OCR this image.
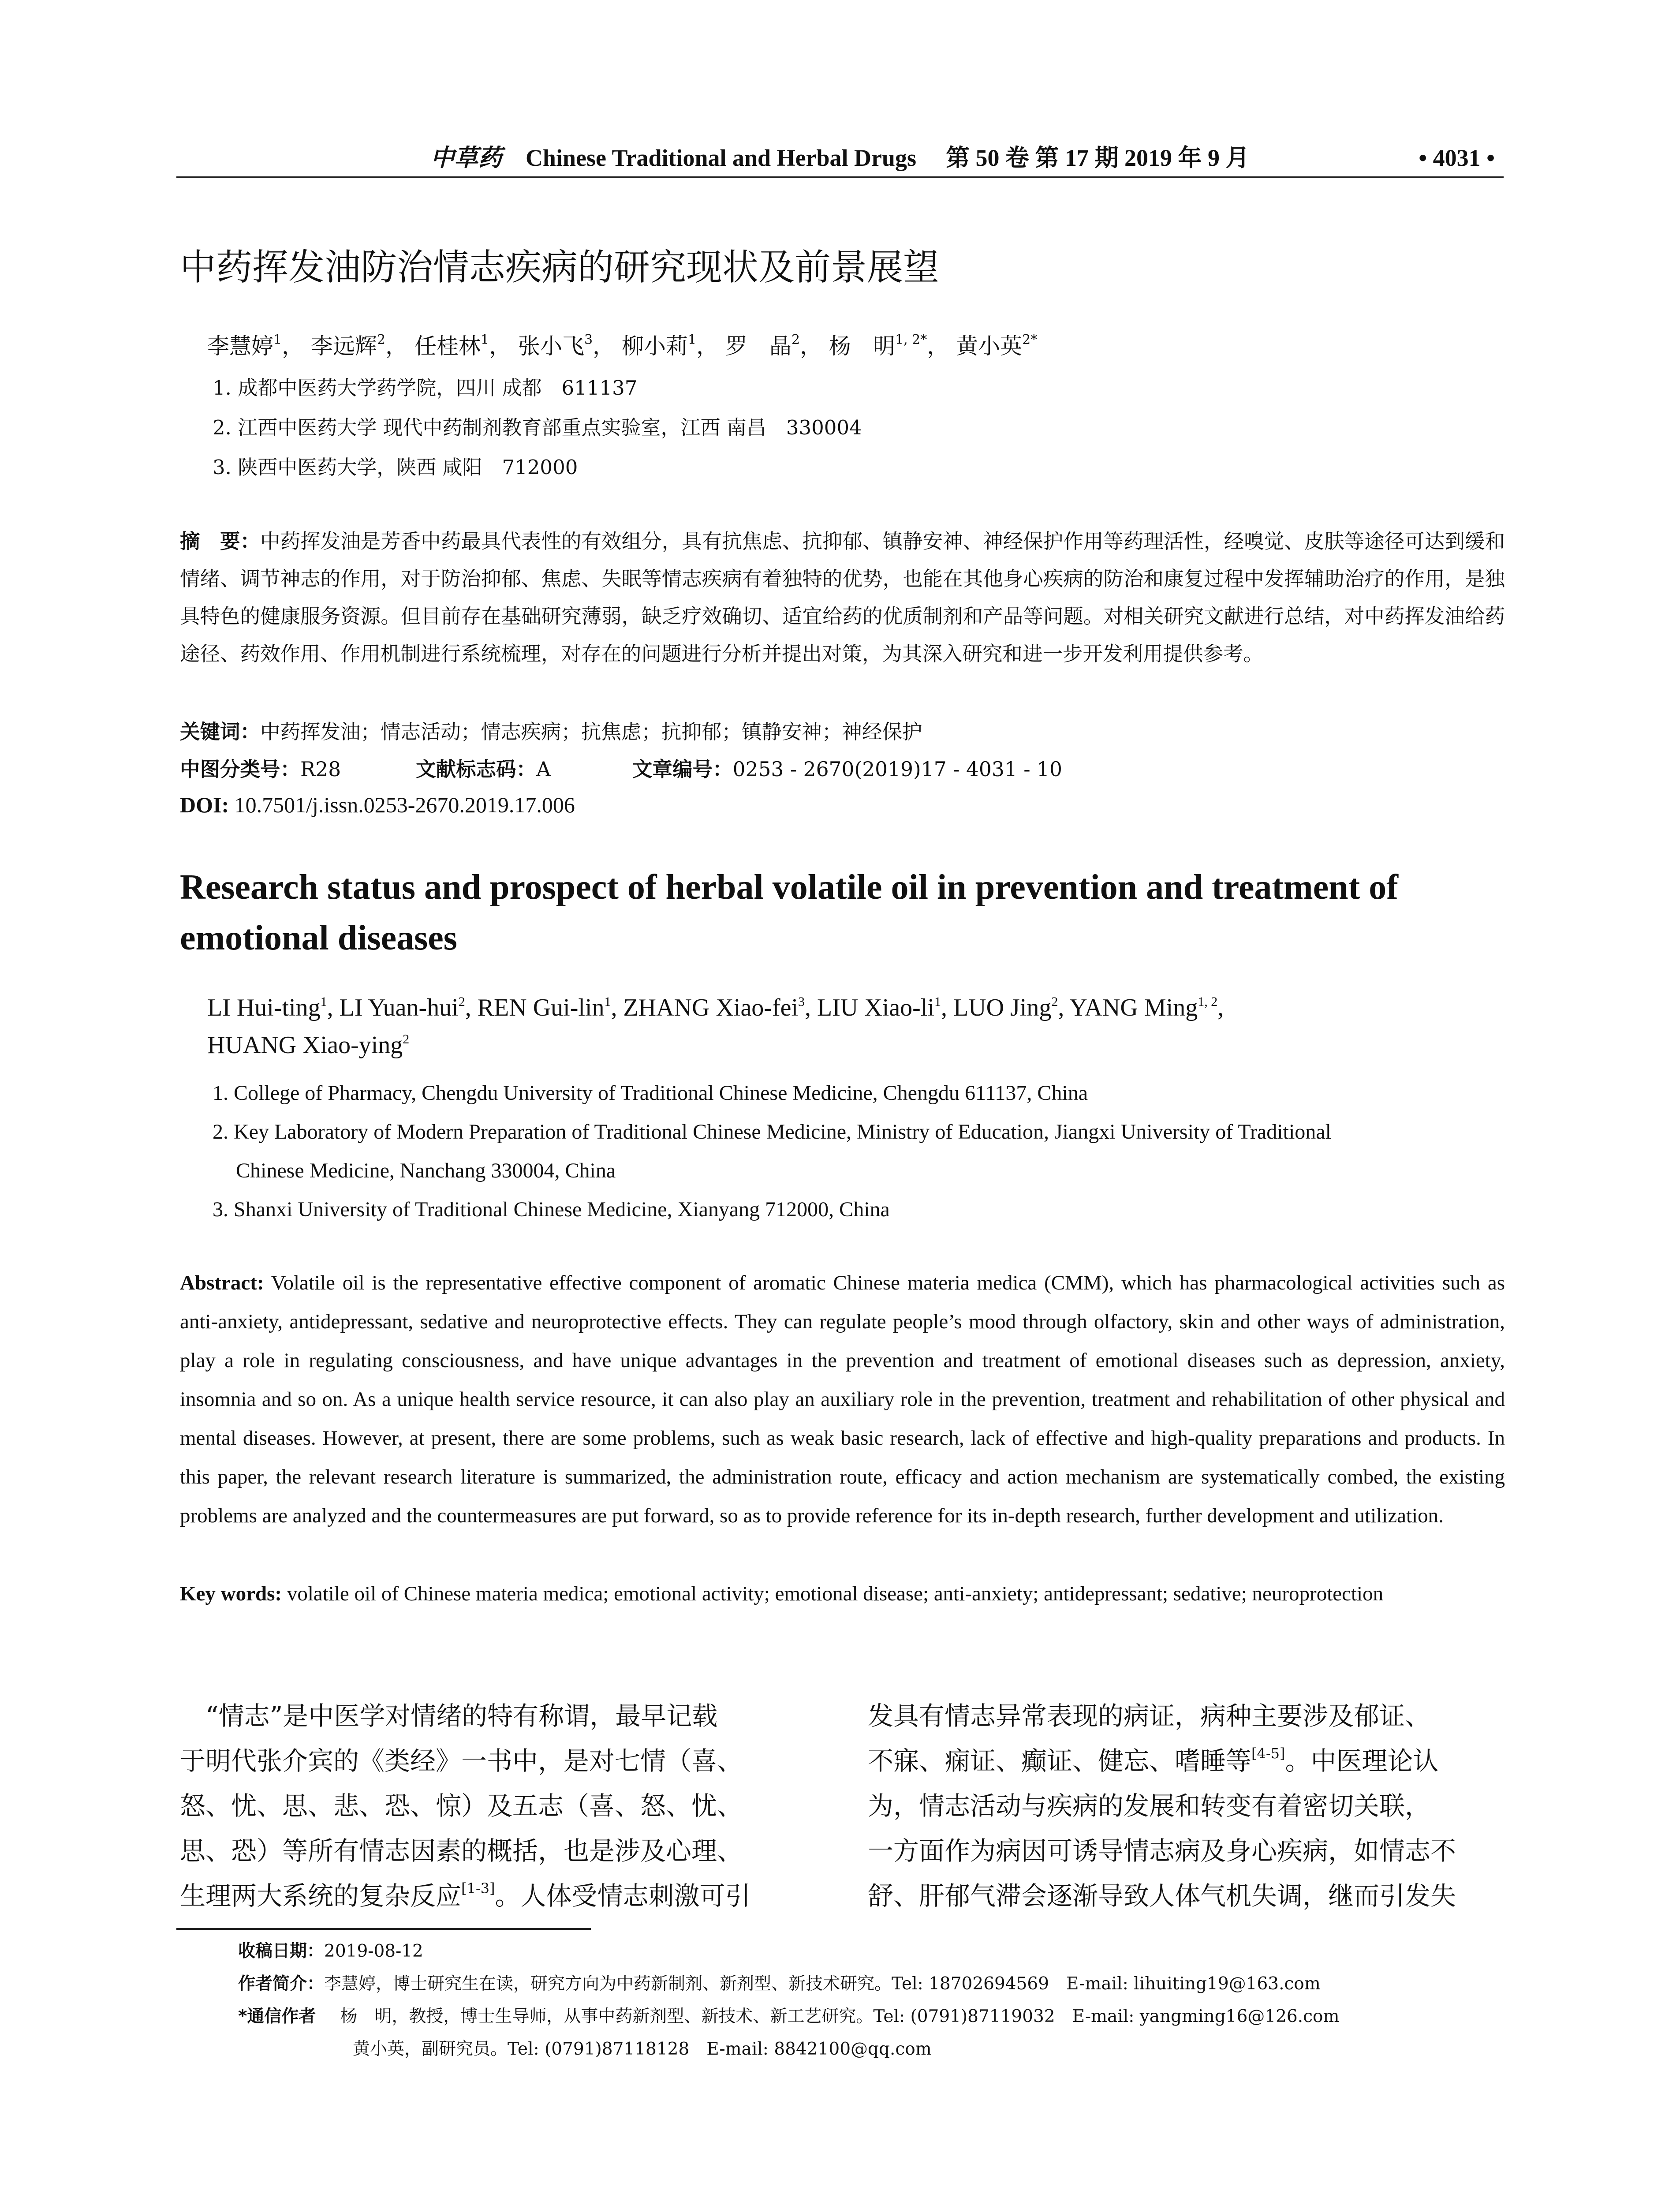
中草药 Chinese Traditional and Herbal Drugs 第 50 卷 第 17 期 2019 年 9 月	• 4031 •
中药挥发油防治情志疾病的研究现状及前景展望
李慧婷$^1$， 李远辉$^2$， 任桂林$^1$， 张小飞$^3$， 柳小莉$^1$， 罗　晶$^2$， 杨　明$^{1, 2*}$， 黄小英$^{2*}$
1. 成都中医药大学药学院，四川 成都　611137
2. 江西中医药大学 现代中药制剂教育部重点实验室，江西 南昌　330004
3. 陕西中医药大学，陕西 咸阳　712000
摘　要：中药挥发油是芳香中药最具代表性的有效组分，具有抗焦虑、抗抑郁、镇静安神、神经保护作用等药理活性，经嗅觉、皮肤等途径可达到缓和情绪、调节神志的作用，对于防治抑郁、焦虑、失眠等情志疾病有着独特的优势，也能在其他身心疾病的防治和康复过程中发挥辅助治疗的作用，是独具特色的健康服务资源。但目前存在基础研究薄弱，缺乏疗效确切、适宜给药的优质制剂和产品等问题。对相关研究文献进行总结，对中药挥发油给药途径、药效作用、作用机制进行系统梳理，对存在的问题进行分析并提出对策，为其深入研究和进一步开发利用提供参考。
关键词：中药挥发油；情志活动；情志疾病；抗焦虑；抗抑郁；镇静安神；神经保护
中图分类号：R28	文献标志码：A	文章编号：0253 - 2670(2019)17 - 4031 - 10
DOI: 10.7501/j.issn.0253-2670.2019.17.006
Research status and prospect of herbal volatile oil in prevention and treatment of emotional diseases
LI Hui-ting$^1$, LI Yuan-hui$^2$, REN Gui-lin$^1$, ZHANG Xiao-fei$^3$, LIU Xiao-$li^1$, LUO Jing$^2$, YANG Ming$^{1, 2}$,
HUANG Xiao-ying$^2$
1. College of Pharmacy, Chengdu University of Traditional Chinese Medicine, Chengdu 611137, China
2. Key Laboratory of Modern Preparation of Traditional Chinese Medicine, Ministry of Education, Jiangxi University of Traditional
Chinese Medicine, Nanchang 330004, China
3. Shanxi University of Traditional Chinese Medicine, Xianyang 712000, China
Abstract: Volatile oil is the representative effective component of aromatic Chinese materia medica (CMM), which has pharmacological activities such as anti-anxiety, antidepressant, sedative and neuroprotective effects. They can regulate people’s mood through olfactory, skin and other ways of administration, play a role in regulating consciousness, and have unique advantages in the prevention and treatment of emotional diseases such as depression, anxiety, insomnia and so on. As a unique health service resource, it can also play an auxiliary role in the prevention, treatment and rehabilitation of other physical and mental diseases. However, at present, there are some problems, such as weak basic research, lack of effective and high-quality preparations and products. In this paper, the relevant research literature is summarized, the administration route, efficacy and action mechanism are systematically combed, the existing problems are analyzed and the countermeasures are put forward, so as to provide reference for its in-depth research, further development and utilization.
Key words: volatile oil of Chinese materia medica; emotional activity; emotional disease; anti-anxiety; antidepressant; sedative; neuroprotection
　“情志”是中医学对情绪的特有称谓，最早记载
于明代张介宾的《类经》一书中，是对七情（喜、
怒、忧、思、悲、恐、惊）及五志（喜、怒、忧、
思、恐）等所有情志因素的概括，也是涉及心理、
生理两大系统的复杂反应[1-3]。人体受情志刺激可引
发具有情志异常表现的病证，病种主要涉及郁证、
不寐、痫证、癫证、健忘、嗜睡等[4-5]。中医理论认
为，情志活动与疾病的发展和转变有着密切关联，
一方面作为病因可诱导情志病及身心疾病，如情志不
舒、肝郁气滞会逐渐导致人体气机失调，继而引发失
收稿日期：2019-08-12
作者简介：李慧婷，博士研究生在读，研究方向为中药新制剂、新剂型、新技术研究。Tel: 18702694569　E-mail: lihuiting19@163.com
*通信作者 杨　明，教授，博士生导师，从事中药新剂型、新技术、新工艺研究。Tel: (0791)87119032　E-mail: yangming16@126.com
黄小英，副研究员。Tel: (0791)87118128　E-mail: 8842100@qq.com
